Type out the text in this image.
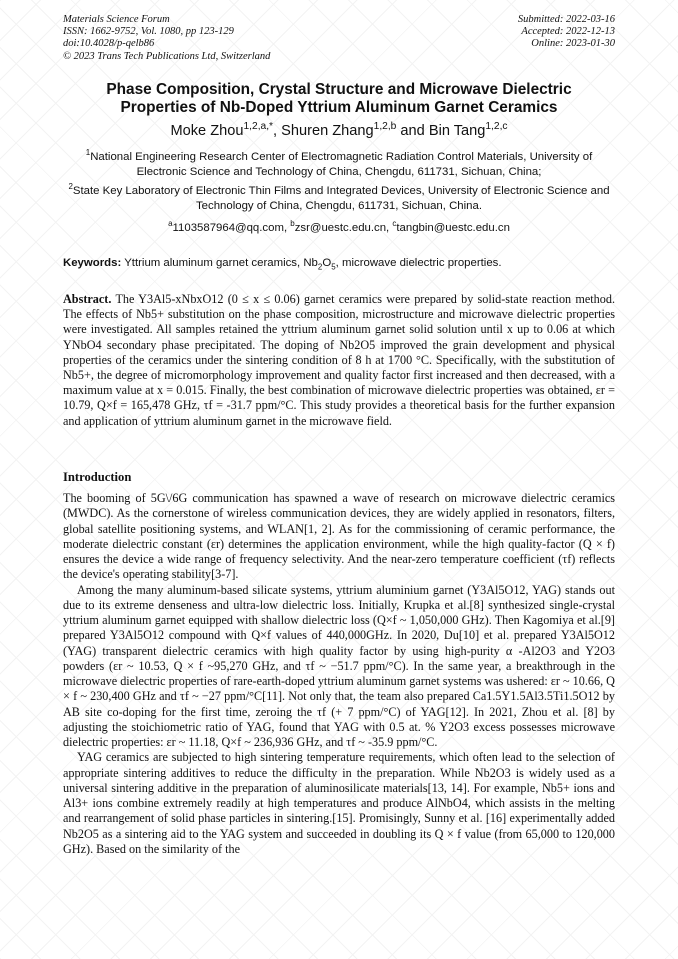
Materials Science Forum
ISSN: 1662-9752, Vol. 1080, pp 123-129
doi:10.4028/p-qelb86
© 2023 Trans Tech Publications Ltd, Switzerland
Submitted: 2022-03-16
Accepted: 2022-12-13
Online: 2023-01-30
Phase Composition, Crystal Structure and Microwave Dielectric
Properties of Nb-Doped Yttrium Aluminum Garnet Ceramics
Moke Zhou$^{1,2,a,*}$, Shuren Zhang$^{1,2,b}$ and Bin Tang$^{1,2,c}$
$^1$National Engineering Research Center of Electromagnetic Radiation Control Materials, University of Electronic Science and Technology of China, Chengdu, 611731, Sichuan, China;
$^2$State Key Laboratory of Electronic Thin Films and Integrated Devices, University of Electronic Science and Technology of China, Chengdu, 611731, Sichuan, China.
$^a$1103587964@qq.com, $^b$zsr@uestc.edu.cn, $^c$tangbin@uestc.edu.cn
Keywords: Yttrium aluminum garnet ceramics, $Nb_2O_5$, microwave dielectric properties.
Abstract. The Y3Al5-xNbxO12 (0 ≤ x ≤ 0.06) garnet ceramics were prepared by solid-state reaction method. The effects of Nb5+ substitution on the phase composition, microstructure and microwave dielectric properties were investigated. All samples retained the yttrium aluminum garnet solid solution until x up to 0.06 at which YNbO4 secondary phase precipitated. The doping of Nb2O5 improved the grain development and physical properties of the ceramics under the sintering condition of 8 h at 1700 °C. Specifically, with the substitution of Nb5+, the degree of micromorphology improvement and quality factor first increased and then decreased, with a maximum value at x = 0.015. Finally, the best combination of microwave dielectric properties was obtained, εr = 10.79, Q×f = 165,478 GHz, τf = -31.7 ppm/°C. This study provides a theoretical basis for the further expansion and application of yttrium aluminum garnet in the microwave field.
Introduction

The booming of 5G\/6G communication has spawned a wave of research on microwave dielectric ceramics (MWDC). As the cornerstone of wireless communication devices, they are widely applied in resonators, filters, global satellite positioning systems, and WLAN[1, 2]. As for the commissioning of ceramic performance, the moderate dielectric constant (εr) determines the application environment, while the high quality-factor (Q × f) ensures the device a wide range of frequency selectivity. And the near-zero temperature coefficient (τf) reflects the device's operating stability[3-7].

Among the many aluminum-based silicate systems, yttrium aluminium garnet (Y3Al5O12, YAG) stands out due to its extreme denseness and ultra-low dielectric loss. Initially, Krupka et al.[8] synthesized single-crystal yttrium aluminum garnet equipped with shallow dielectric loss (Q×f ~ 1,050,000 GHz). Then Kagomiya et al.[9] prepared Y3Al5O12 compound with Q×f values of 440,000GHz. In 2020, Du[10] et al. prepared Y3Al5O12 (YAG) transparent dielectric ceramics with high quality factor by using high-purity α -Al2O3 and Y2O3 powders (εr ~ 10.53, Q × f ~95,270 GHz, and τf ~ −51.7 ppm/°C). In the same year, a breakthrough in the microwave dielectric properties of rare-earth-doped yttrium aluminum garnet systems was ushered: εr ~ 10.66, Q × f ~ 230,400 GHz and τf ~ −27 ppm/°C[11]. Not only that, the team also prepared Ca1.5Y1.5Al3.5Ti1.5O12 by AB site co-doping for the first time, zeroing the τf (+ 7 ppm/°C) of YAG[12]. In 2021, Zhou et al. [8] by adjusting the stoichiometric ratio of YAG, found that YAG with 0.5 at. % Y2O3 excess possesses microwave dielectric properties: εr ~ 11.18, Q×f ~ 236,936 GHz, and τf ~ -35.9 ppm/°C.

YAG ceramics are subjected to high sintering temperature requirements, which often lead to the selection of appropriate sintering additives to reduce the difficulty in the preparation. While Nb2O3 is widely used as a universal sintering additive in the preparation of aluminosilicate materials[13, 14]. For example, Nb5+ ions and Al3+ ions combine extremely readily at high temperatures and produce AlNbO4, which assists in the melting and rearrangement of solid phase particles in sintering.[15]. Promisingly, Sunny et al. [16] experimentally added Nb2O5 as a sintering aid to the YAG system and succeeded in doubling its Q × f value (from 65,000 to 120,000 GHz). Based on the similarity of the
